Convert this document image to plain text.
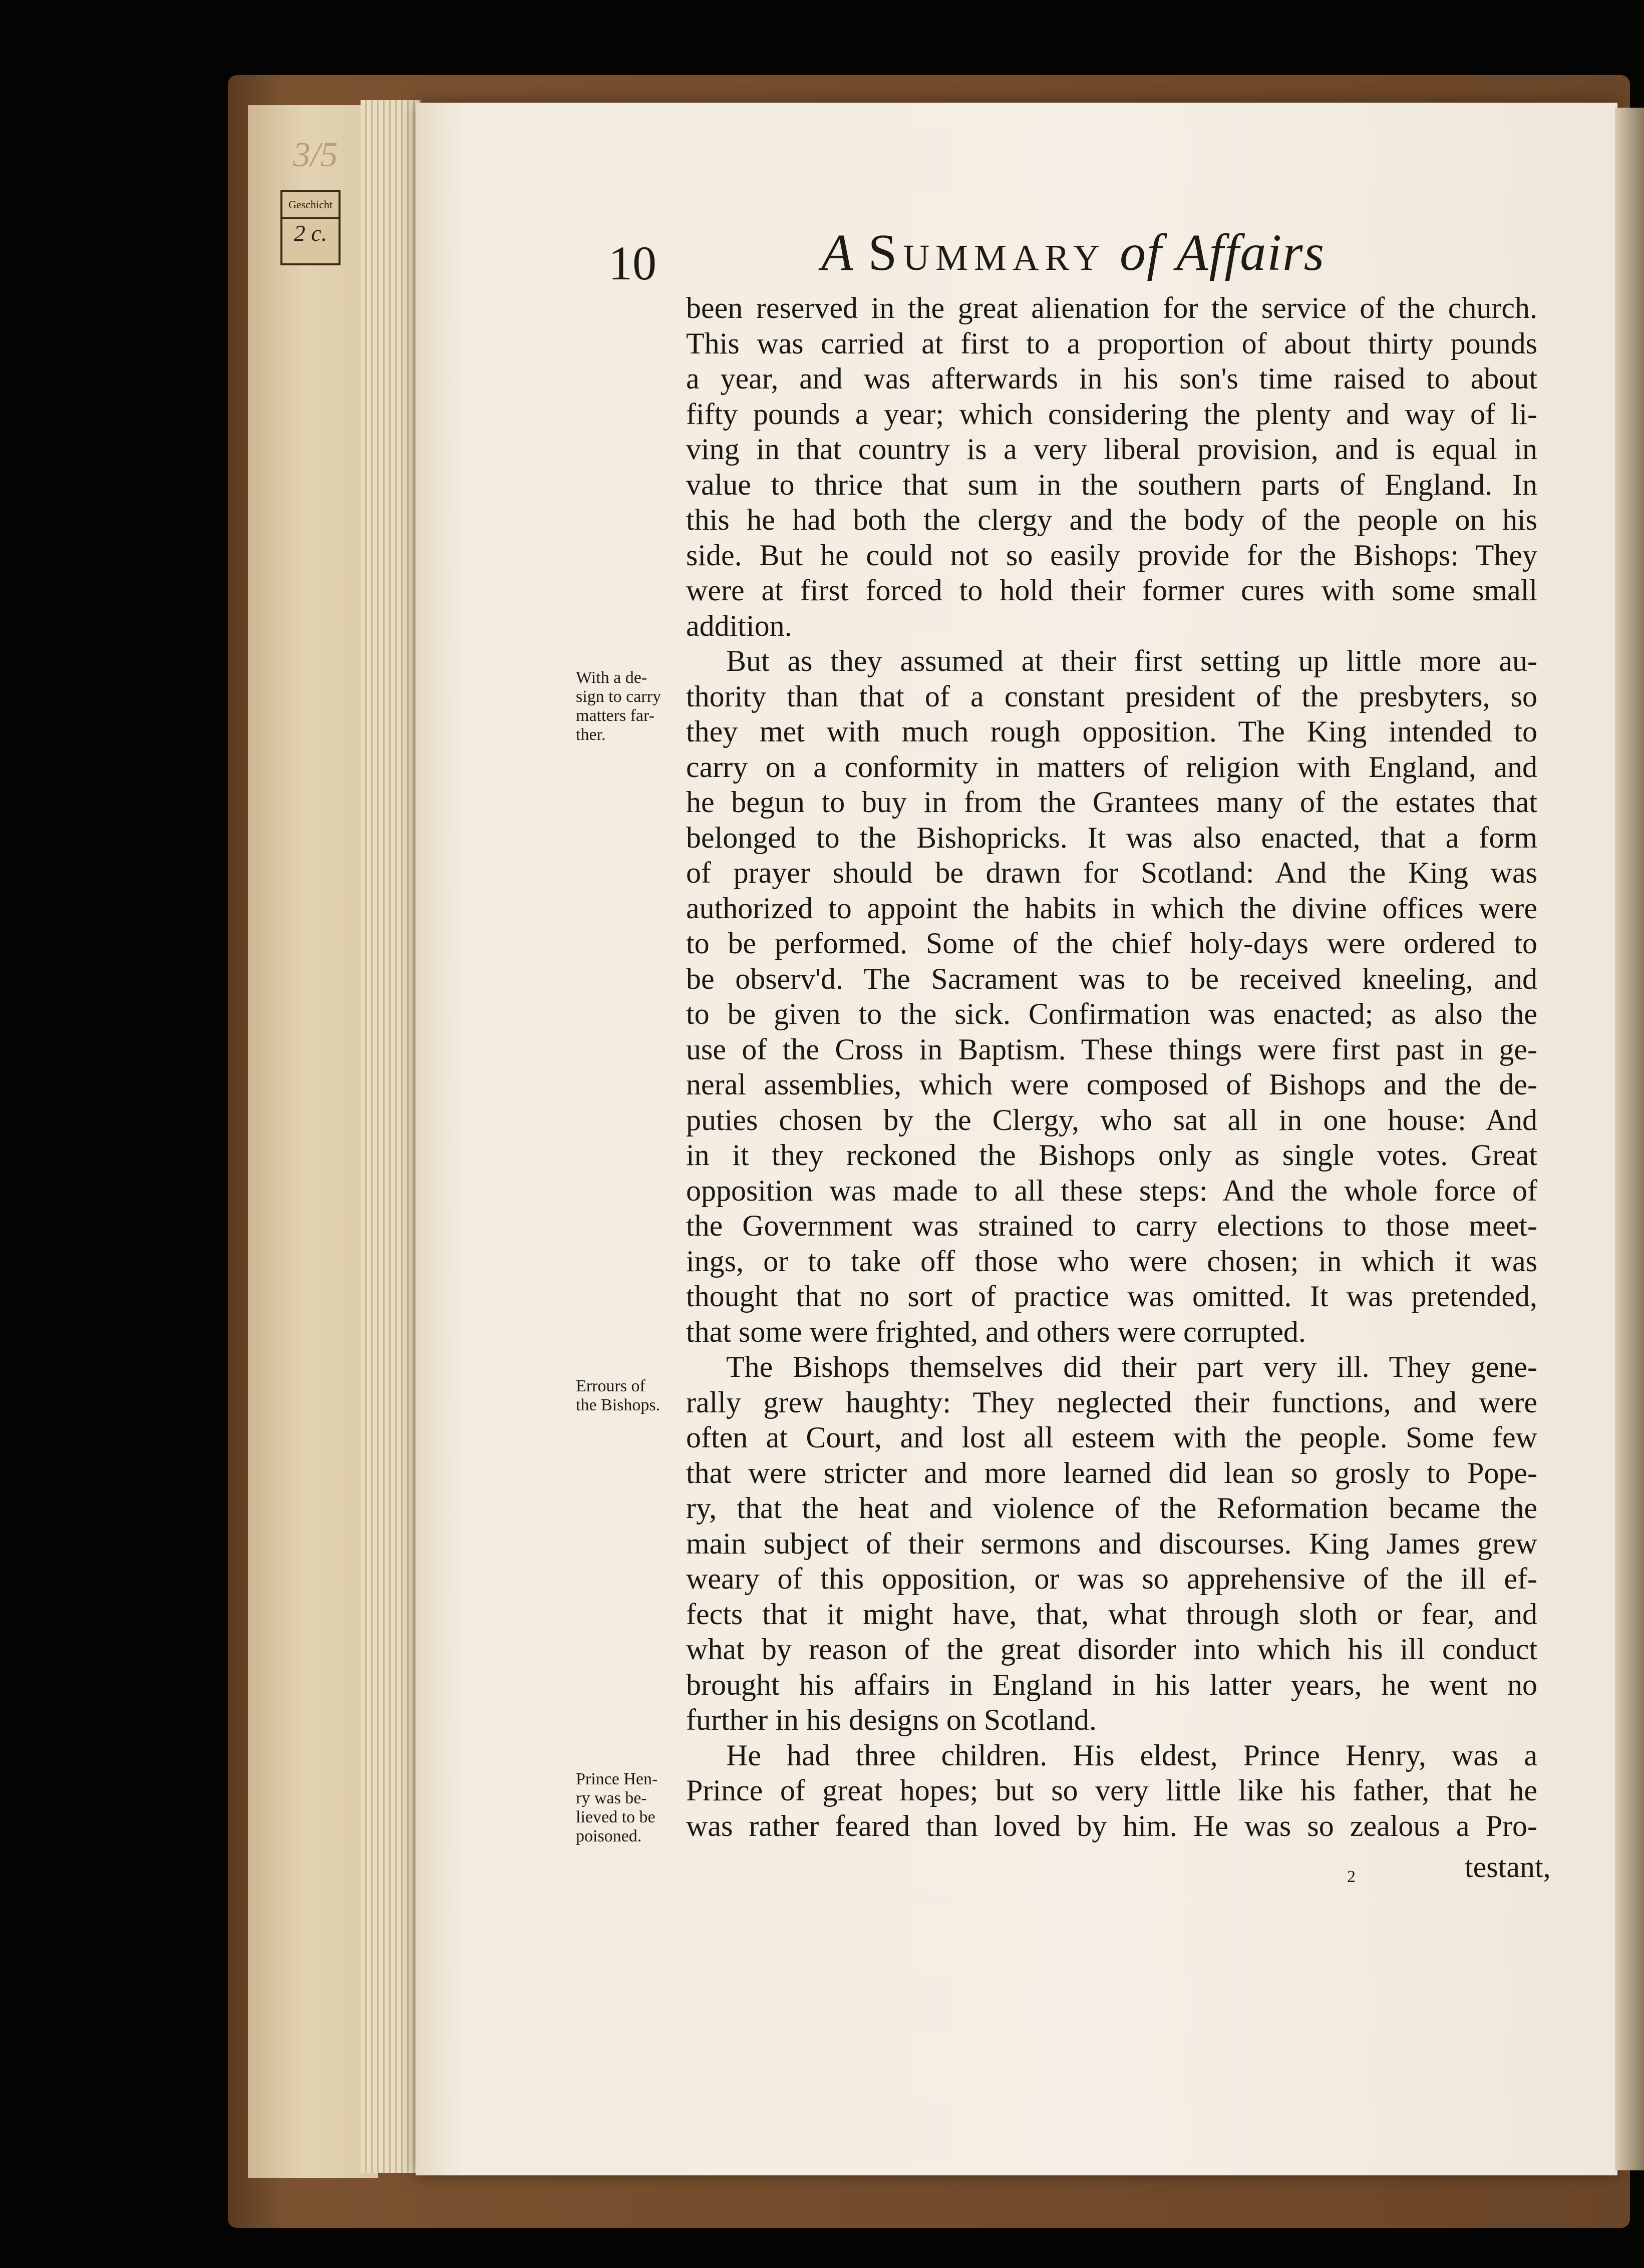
3/5
Geschicht
2 c.
10	A Summary of Affairs
With a de-
sign to carry
matters far-
ther.
Errours of
the Bishops.
Prince Hen-
ry was be-
lieved to be
poisoned.
been reserved in the great alienation for the service of the church.
This was carried at first to a proportion of about thirty pounds
a year, and was afterwards in his son's time raised to about
fifty pounds a year; which considering the plenty and way of li-
ving in that country is a very liberal provision, and is equal in
value to thrice that sum in the southern parts of England. In
this he had both the clergy and the body of the people on his
side. But he could not so easily provide for the Bishops: They
were at first forced to hold their former cures with some small
addition.
But as they assumed at their first setting up little more au-
thority than that of a constant president of the presbyters, so
they met with much rough opposition. The King intended to
carry on a conformity in matters of religion with England, and
he begun to buy in from the Grantees many of the estates that
belonged to the Bishopricks. It was also enacted, that a form
of prayer should be drawn for Scotland: And the King was
authorized to appoint the habits in which the divine offices were
to be performed. Some of the chief holy-days were ordered to
be observ'd. The Sacrament was to be received kneeling, and
to be given to the sick. Confirmation was enacted; as also the
use of the Cross in Baptism. These things were first past in ge-
neral assemblies, which were composed of Bishops and the de-
puties chosen by the Clergy, who sat all in one house: And
in it they reckoned the Bishops only as single votes. Great
opposition was made to all these steps: And the whole force of
the Government was strained to carry elections to those meet-
ings, or to take off those who were chosen; in which it was
thought that no sort of practice was omitted. It was pretended,
that some were frighted, and others were corrupted.
The Bishops themselves did their part very ill. They gene-
rally grew haughty: They neglected their functions, and were
often at Court, and lost all esteem with the people. Some few
that were stricter and more learned did lean so grosly to Pope-
ry, that the heat and violence of the Reformation became the
main subject of their sermons and discourses. King James grew
weary of this opposition, or was so apprehensive of the ill ef-
fects that it might have, that, what through sloth or fear, and
what by reason of the great disorder into which his ill conduct
brought his affairs in England in his latter years, he went no
further in his designs on Scotland.
He had three children. His eldest, Prince Henry, was a
Prince of great hopes; but so very little like his father, that he
was rather feared than loved by him. He was so zealous a Pro-
2	testant,
